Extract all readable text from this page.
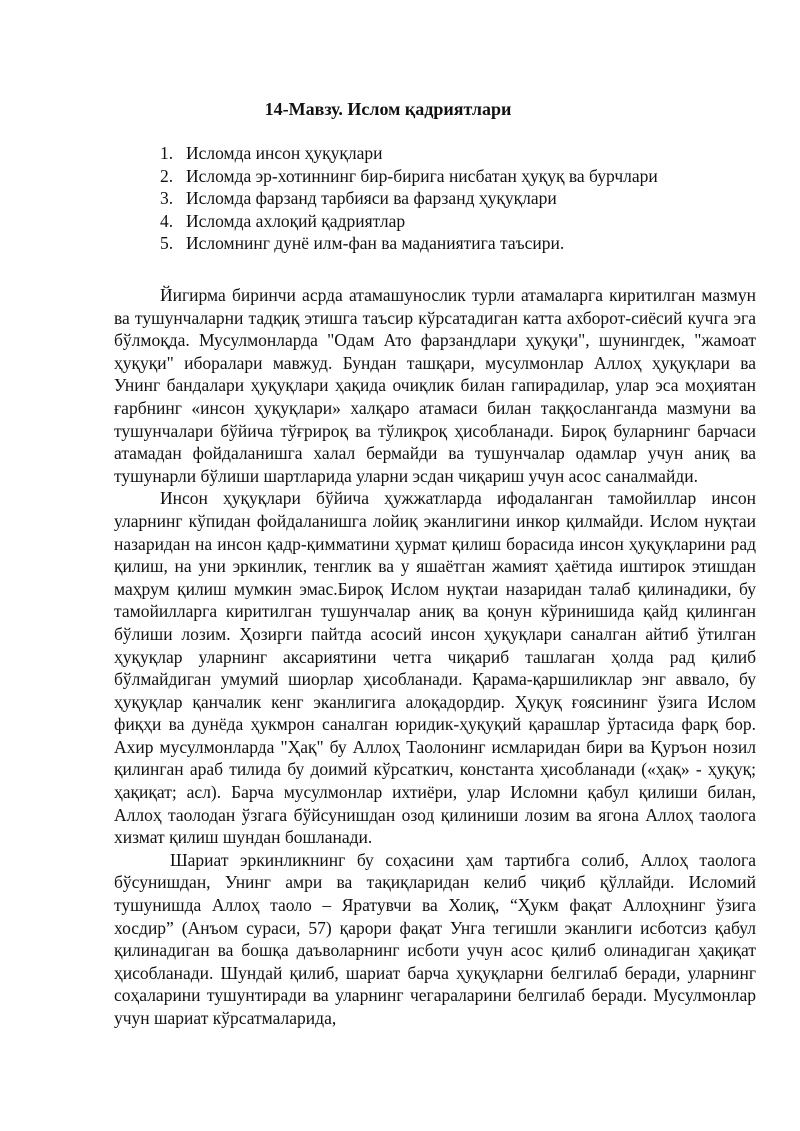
14-Мавзу. Ислом қадриятлари
1. Исломда инсон ҳуқуқлари
2. Исломда эр-хотиннинг бир-бирига нисбатан ҳуқуқ ва бурчлари
3. Исломда фарзанд тарбияси ва фарзанд ҳуқуқлари
4. Исломда ахлоқий қадриятлар
5. Исломнинг дунё илм-фан ва маданиятига таъсири.

Йигирма биринчи асрда атамашунослик турли атамаларга киритилган мазмун ва тушунчаларни тадқиқ этишга таъсир кўрсатадиган катта ахборот-сиёсий кучга эга бўлмоқда. Мусулмонларда "Одам Ато фарзандлари ҳуқуқи", шунингдек, "жамоат ҳуқуқи" иборалари мавжуд. Бундан ташқари, мусулмонлар Аллоҳ ҳуқуқлари ва Унинг бандалари ҳуқуқлари ҳақида очиқлик билан гапирадилар, улар эса моҳиятан ғарбнинг «инсон ҳуқуқлари» халқаро атамаси билан таққосланганда мазмуни ва тушунчалари бўйича тўғрироқ ва тўлиқроқ ҳисобланади. Бироқ буларнинг барчаси атамадан фойдаланишга халал бермайди ва тушунчалар одамлар учун аниқ ва тушунарли бўлиши шартларида уларни эсдан чиқариш учун асос саналмайди.

Инсон ҳуқуқлари бўйича ҳужжатларда ифодаланган тамойиллар инсон уларнинг кўпидан фойдаланишга лойиқ эканлигини инкор қилмайди. Ислом нуқтаи назаридан на инсон қадр-қимматини ҳурмат қилиш борасида инсон ҳуқуқларини рад қилиш, на уни эркинлик, тенглик ва у яшаётган жамият ҳаётида иштирок этишдан маҳрум қилиш мумкин эмас.Бироқ Ислом нуқтаи назаридан талаб қилинадики, бу тамойилларга киритилган тушунчалар аниқ ва қонун кўринишида қайд қилинган бўлиши лозим. Ҳозирги пайтда асосий инсон ҳуқуқлари саналган айтиб ўтилган ҳуқуқлар уларнинг аксариятини четга чиқариб ташлаган ҳолда рад қилиб бўлмайдиган умумий шиорлар ҳисобланади. Қарама-қаршиликлар энг аввало, бу ҳуқуқлар қанчалик кенг эканлигига алоқадордир. Ҳуқуқ ғоясининг ўзига Ислом фиқҳи ва дунёда ҳукмрон саналган юридик-ҳуқуқий қарашлар ўртасида фарқ бор. Ахир мусулмонларда "Ҳақ" бу Аллоҳ Таолонинг исмларидан бири ва Қуръон нозил қилинган араб тилида бу доимий кўрсаткич, константа ҳисобланади («ҳақ» - ҳуқуқ; ҳақиқат; асл). Барча мусулмонлар ихтиёри, улар Исломни қабул қилиши билан, Аллоҳ таолодан ўзгага бўйсунишдан озод қилиниши лозим ва ягона Аллоҳ таологa хизмат қилиш шундан бошланади.

Шариат эркинликнинг бу соҳасини ҳам тартибга солиб, Аллоҳ таолога бўсунишдан, Унинг амри ва тақиқларидан келиб чиқиб қўллайди. Исломий тушунишда Аллоҳ таоло – Яратувчи ва Холиқ, “Ҳукм фақат Аллоҳнинг ўзига хосдир” (Анъом сураси, 57) қарори фақат Унга тегишли эканлиги исботсиз қабул қилинадиган ва бошқа даъволарнинг исботи учун асос қилиб олинадиган ҳақиқат ҳисобланади. Шундай қилиб, шариат барча ҳуқуқларни белгилаб беради, уларнинг соҳаларини тушунтиради ва уларнинг чегараларини белгилаб беради. Мусулмонлар учун шариат кўрсатмаларида,
